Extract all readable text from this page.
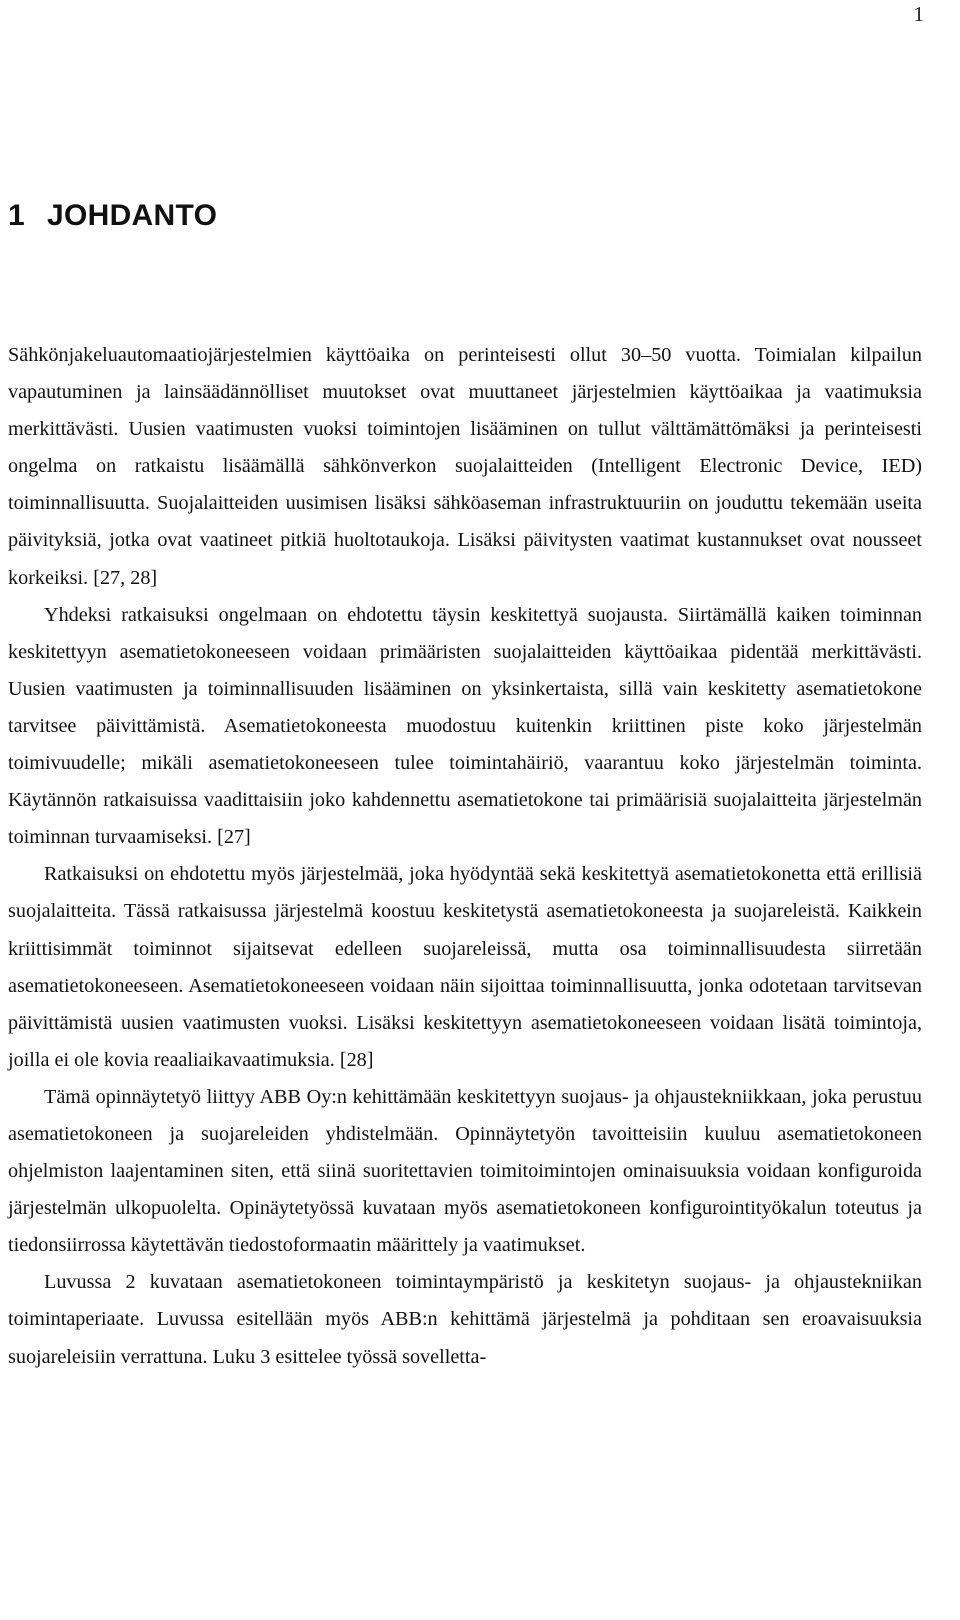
1
1 JOHDANTO

Sähkönjakeluautomaatiojärjestelmien käyttöaika on perinteisesti ollut 30–50 vuotta. Toimialan kilpailun vapautuminen ja lainsäädännölliset muutokset ovat muuttaneet järjestelmien käyttöaikaa ja vaatimuksia merkittävästi. Uusien vaatimusten vuoksi toimintojen lisääminen on tullut välttämättömäksi ja perinteisesti ongelma on ratkaistu lisäämällä sähkönverkon suojalaitteiden (Intelligent Electronic Device, IED) toiminnallisuutta. Suojalaitteiden uusimisen lisäksi sähköaseman infrastruktuuriin on jouduttu tekemään useita päivityksiä, jotka ovat vaatineet pitkiä huoltotaukoja. Lisäksi päivitysten vaatimat kustannukset ovat nousseet korkeiksi. [27, 28]

Yhdeksi ratkaisuksi ongelmaan on ehdotettu täysin keskitettyä suojausta. Siirtämällä kaiken toiminnan keskitettyyn asematietokoneeseen voidaan primääristen suojalaitteiden käyttöaikaa pidentää merkittävästi. Uusien vaatimusten ja toiminnallisuuden lisääminen on yksinkertaista, sillä vain keskitetty asematietokone tarvitsee päivittämistä. Asematietokoneesta muodostuu kuitenkin kriittinen piste koko järjestelmän toimivuudelle; mikäli asematietokoneeseen tulee toimintahäiriö, vaarantuu koko järjestelmän toiminta. Käytännön ratkaisuissa vaadittaisiin joko kahdennettu asematietokone tai primäärisiä suojalaitteita järjestelmän toiminnan turvaamiseksi. [27]

Ratkaisuksi on ehdotettu myös järjestelmää, joka hyödyntää sekä keskitettyä asematietokonetta että erillisiä suojalaitteita. Tässä ratkaisussa järjestelmä koostuu keskitetystä asematietokoneesta ja suojareleistä. Kaikkein kriittisimmät toiminnot sijaitsevat edelleen suojareleissä, mutta osa toiminnallisuudesta siirretään asematietokoneeseen. Asematietokoneeseen voidaan näin sijoittaa toiminnallisuutta, jonka odotetaan tarvitsevan päivittämistä uusien vaatimusten vuoksi. Lisäksi keskitettyyn asematietokoneeseen voidaan lisätä toimintoja, joilla ei ole kovia reaaliaikavaatimuksia. [28]

Tämä opinnäytetyö liittyy ABB Oy:n kehittämään keskitettyyn suojaus- ja ohjaustekniikkaan, joka perustuu asematietokoneen ja suojareleiden yhdistelmään. Opinnäytetyön tavoitteisiin kuuluu asematietokoneen ohjelmiston laajentaminen siten, että siinä suoritettavien toimitoimintojen ominaisuuksia voidaan konfiguroida järjestelmän ulkopuolelta. Opinäytetyössä kuvataan myös asematietokoneen konfigurointityökalun toteutus ja tiedonsiirrossa käytettävän tiedostoformaatin määrittely ja vaatimukset.

Luvussa 2 kuvataan asematietokoneen toimintaympäristö ja keskitetyn suojaus- ja ohjaustekniikan toimintaperiaate. Luvussa esitellään myös ABB:n kehittämä järjestelmä ja pohditaan sen eroavaisuuksia suojareleisiin verrattuna. Luku 3 esittelee työssä sovelletta-
